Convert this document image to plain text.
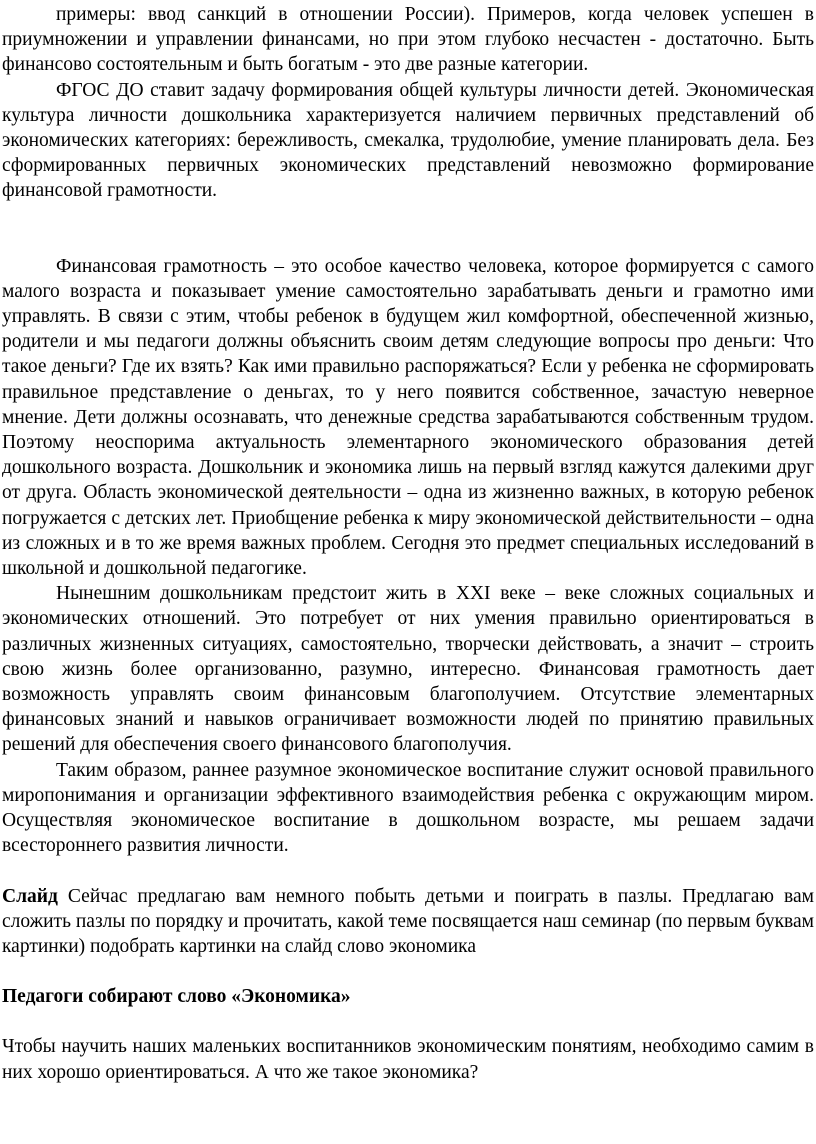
примеры: ввод санкций в отношении России). Примеров, когда человек успешен в приумножении и управлении финансами, но при этом глубоко несчастен - достаточно. Быть финансово состоятельным и быть богатым - это две разные категории.

ФГОС ДО ставит задачу формирования общей культуры личности детей. Экономическая культура личности дошкольника характеризуется наличием первичных представлений об экономических категориях: бережливость, смекалка, трудолюбие, умение планировать дела. Без сформированных первичных экономических представлений невозможно формирование финансовой грамотности.

Финансовая грамотность – это особое качество человека, которое формируется с самого малого возраста и показывает умение самостоятельно зарабатывать деньги и грамотно ими управлять. В связи с этим, чтобы ребенок в будущем жил комфортной, обеспеченной жизнью, родители и мы педагоги должны объяснить своим детям следующие вопросы про деньги: Что такое деньги? Где их взять? Как ими правильно распоряжаться? Если у ребенка не сформировать правильное представление о деньгах, то у него появится собственное, зачастую неверное мнение. Дети должны осознавать, что денежные средства зарабатываются собственным трудом. Поэтому неоспорима актуальность элементарного экономического образования детей дошкольного возраста. Дошкольник и экономика лишь на первый взгляд кажутся далекими друг от друга. Область экономической деятельности – одна из жизненно важных, в которую ребенок погружается с детских лет. Приобщение ребенка к миру экономической действительности – одна из сложных и в то же время важных проблем. Сегодня это предмет специальных исследований в школьной и дошкольной педагогике.

Нынешним дошкольникам предстоит жить в XXI веке – веке сложных социальных и экономических отношений. Это потребует от них умения правильно ориентироваться в различных жизненных ситуациях, самостоятельно, творчески действовать, а значит – строить свою жизнь более организованно, разумно, интересно. Финансовая грамотность дает возможность управлять своим финансовым благополучием. Отсутствие элементарных финансовых знаний и навыков ограничивает возможности людей по принятию правильных решений для обеспечения своего финансового благополучия.

Таким образом, раннее разумное экономическое воспитание служит основой правильного миропонимания и организации эффективного взаимодействия ребенка с окружающим миром. Осуществляя экономическое воспитание в дошкольном возрасте, мы решаем задачи всестороннего развития личности.

Слайд Сейчас предлагаю вам немного побыть детьми и поиграть в пазлы. Предлагаю вам сложить пазлы по порядку и прочитать, какой теме посвящается наш семинар (по первым буквам картинки) подобрать картинки на слайд слово экономика

Педагоги собирают слово «Экономика»

Чтобы научить наших маленьких воспитанников экономическим понятиям, необходимо самим в них хорошо ориентироваться. А что же такое экономика?
